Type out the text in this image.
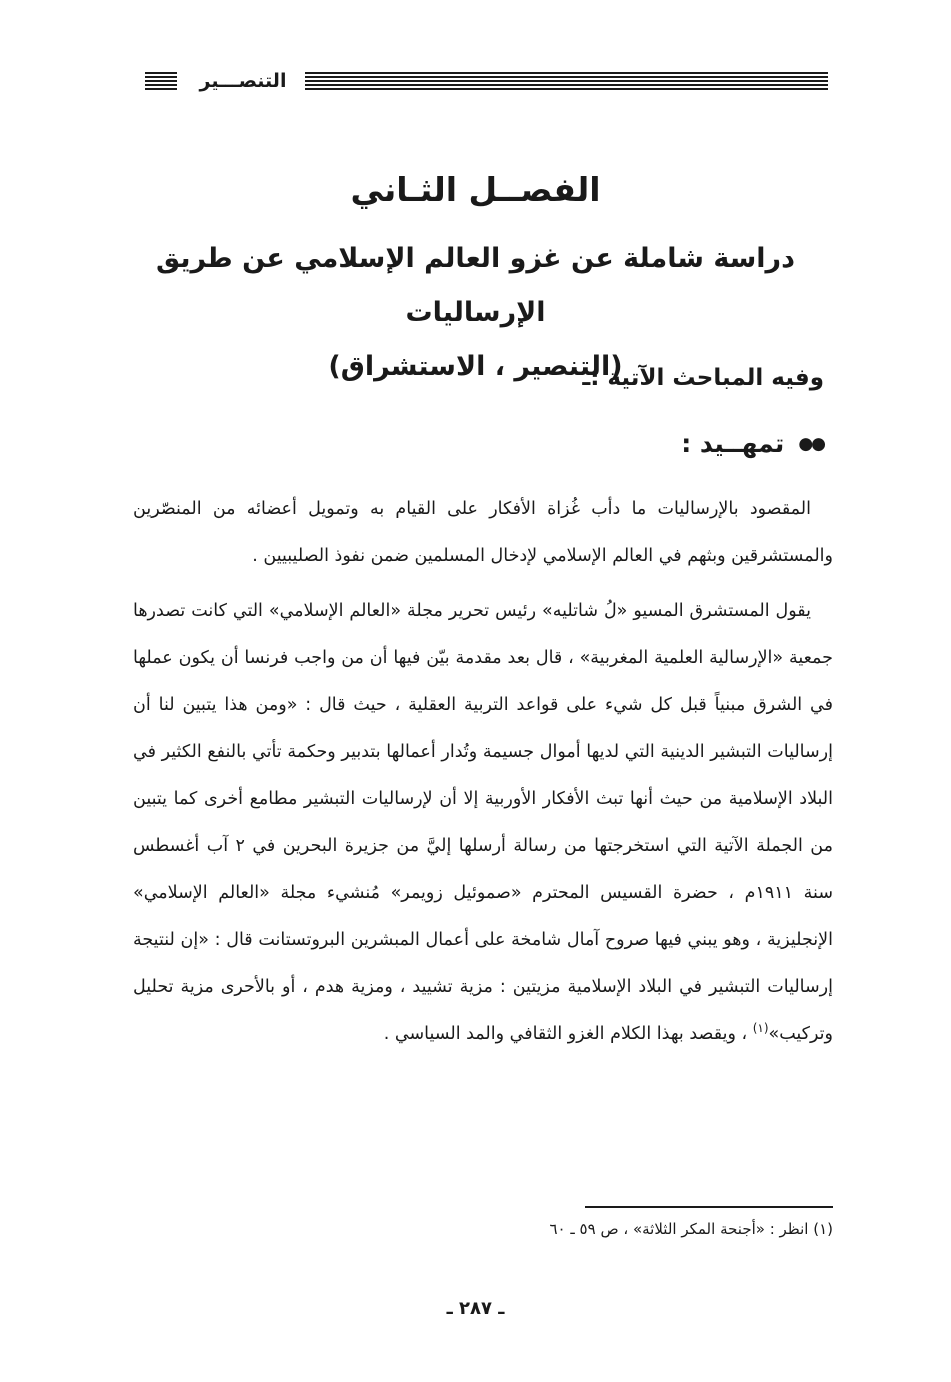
التنصـــير
الفصــل الثـاني
دراسة شاملة عن غزو العالم الإسلامي عن طريق الإرساليات
(التنصير ، الاستشراق)
وفيه المباحث الآتية :ـ
●●
تمهــيد :

المقصود بالإرساليات ما دأب غُزاة الأفكار على القيام به وتمويل أعضائه من المنصّرين والمستشرقين وبثهم في العالم الإسلامي لإدخال المسلمين ضمن نفوذ الصليبيين .

يقول المستشرق المسيو «لُ شاتليه» رئيس تحرير مجلة «العالم الإسلامي» التي كانت تصدرها جمعية «الإرسالية العلمية المغربية» ، قال بعد مقدمة بيّن فيها أن من واجب فرنسا أن يكون عملها في الشرق مبنياً قبل كل شيء على قواعد التربية العقلية ، حيث قال : «ومن هذا يتبين لنا أن إرساليات التبشير الدينية التي لديها أموال جسيمة وتُدار أعمالها بتدبير وحكمة تأتي بالنفع الكثير في البلاد الإسلامية من حيث أنها تبث الأفكار الأوربية إلا أن لإرساليات التبشير مطامع أخرى كما يتبين من الجملة الآتية التي استخرجتها من رسالة أرسلها إليَّ من جزيرة البحرين في ٢ آب أغسطس سنة ١٩١١م ، حضرة القسيس المحترم «صموئيل زويمر» مُنشيء مجلة «العالم الإسلامي» الإنجليزية ، وهو يبني فيها صروح آمال شامخة على أعمال المبشرين البروتستانت قال : «إن لنتيجة إرساليات التبشير في البلاد الإسلامية مزيتين : مزية تشييد ، ومزية هدم ، أو بالأحرى مزية تحليل وتركيب»$^{(١)}$ ، ويقصد بهذا الكلام الغزو الثقافي والمد السياسي .

(١) انظر : «أجنحة المكر الثلاثة» ، ص ٥٩ ـ ٦٠
ـ ٢٨٧ ـ
